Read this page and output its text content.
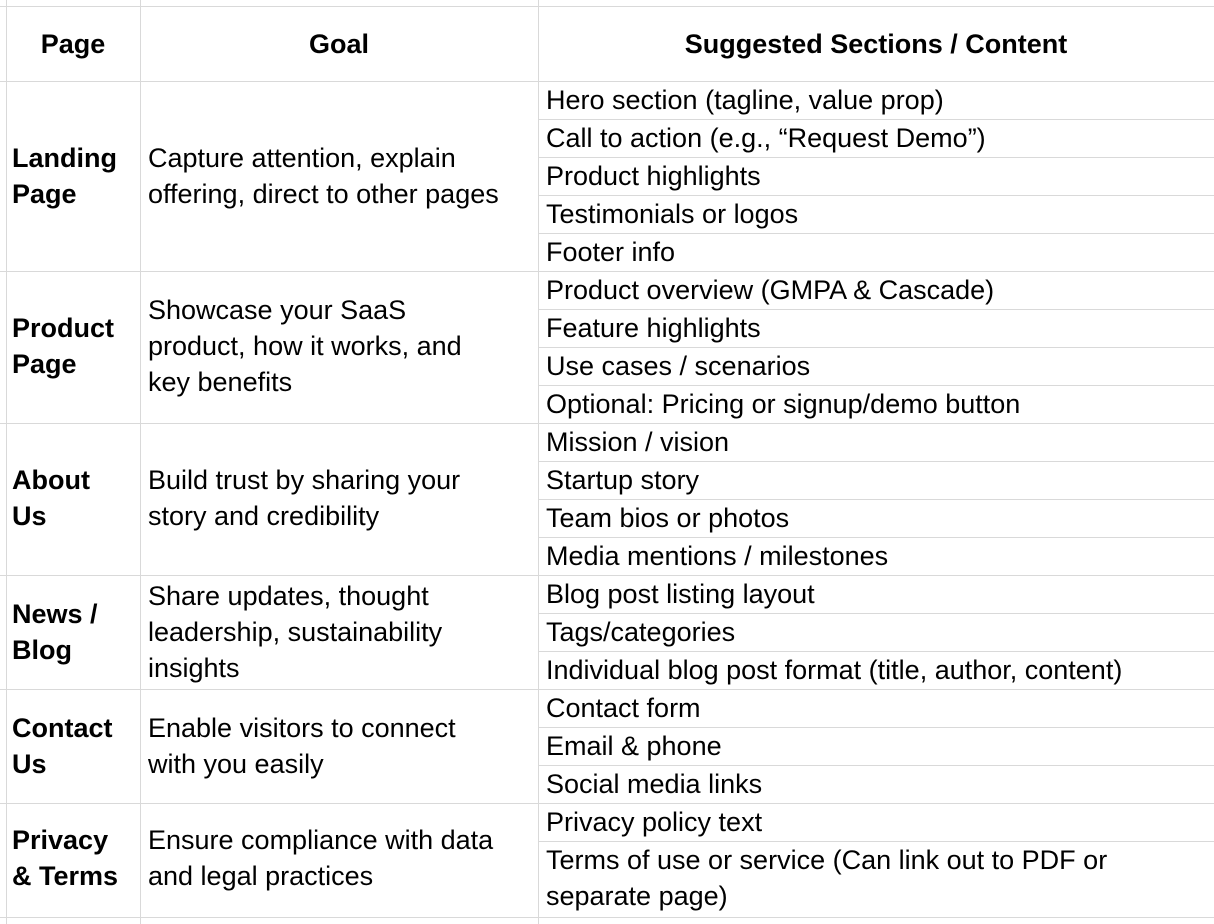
Page	Goal	Suggested Sections / Content
Landing
Page
Capture attention, explain
offering, direct to other pages
Hero section (tagline, value prop)
Call to action (e.g., “Request Demo”)
Product highlights
Testimonials or logos
Footer info
Product
Page
Showcase your SaaS
product, how it works, and
key benefits
Product overview (GMPA & Cascade)
Feature highlights
Use cases / scenarios
Optional: Pricing or signup/demo button
About
Us
Build trust by sharing your
story and credibility
Mission / vision
Startup story
Team bios or photos
Media mentions / milestones
News /
Blog
Share updates, thought
leadership, sustainability
insights
Blog post listing layout
Tags/categories
Individual blog post format (title, author, content)
Contact
Us
Enable visitors to connect
with you easily
Contact form
Email & phone
Social media links
Privacy
& Terms
Ensure compliance with data
and legal practices
Privacy policy text
Terms of use or service (Can link out to PDF or
separate page)
